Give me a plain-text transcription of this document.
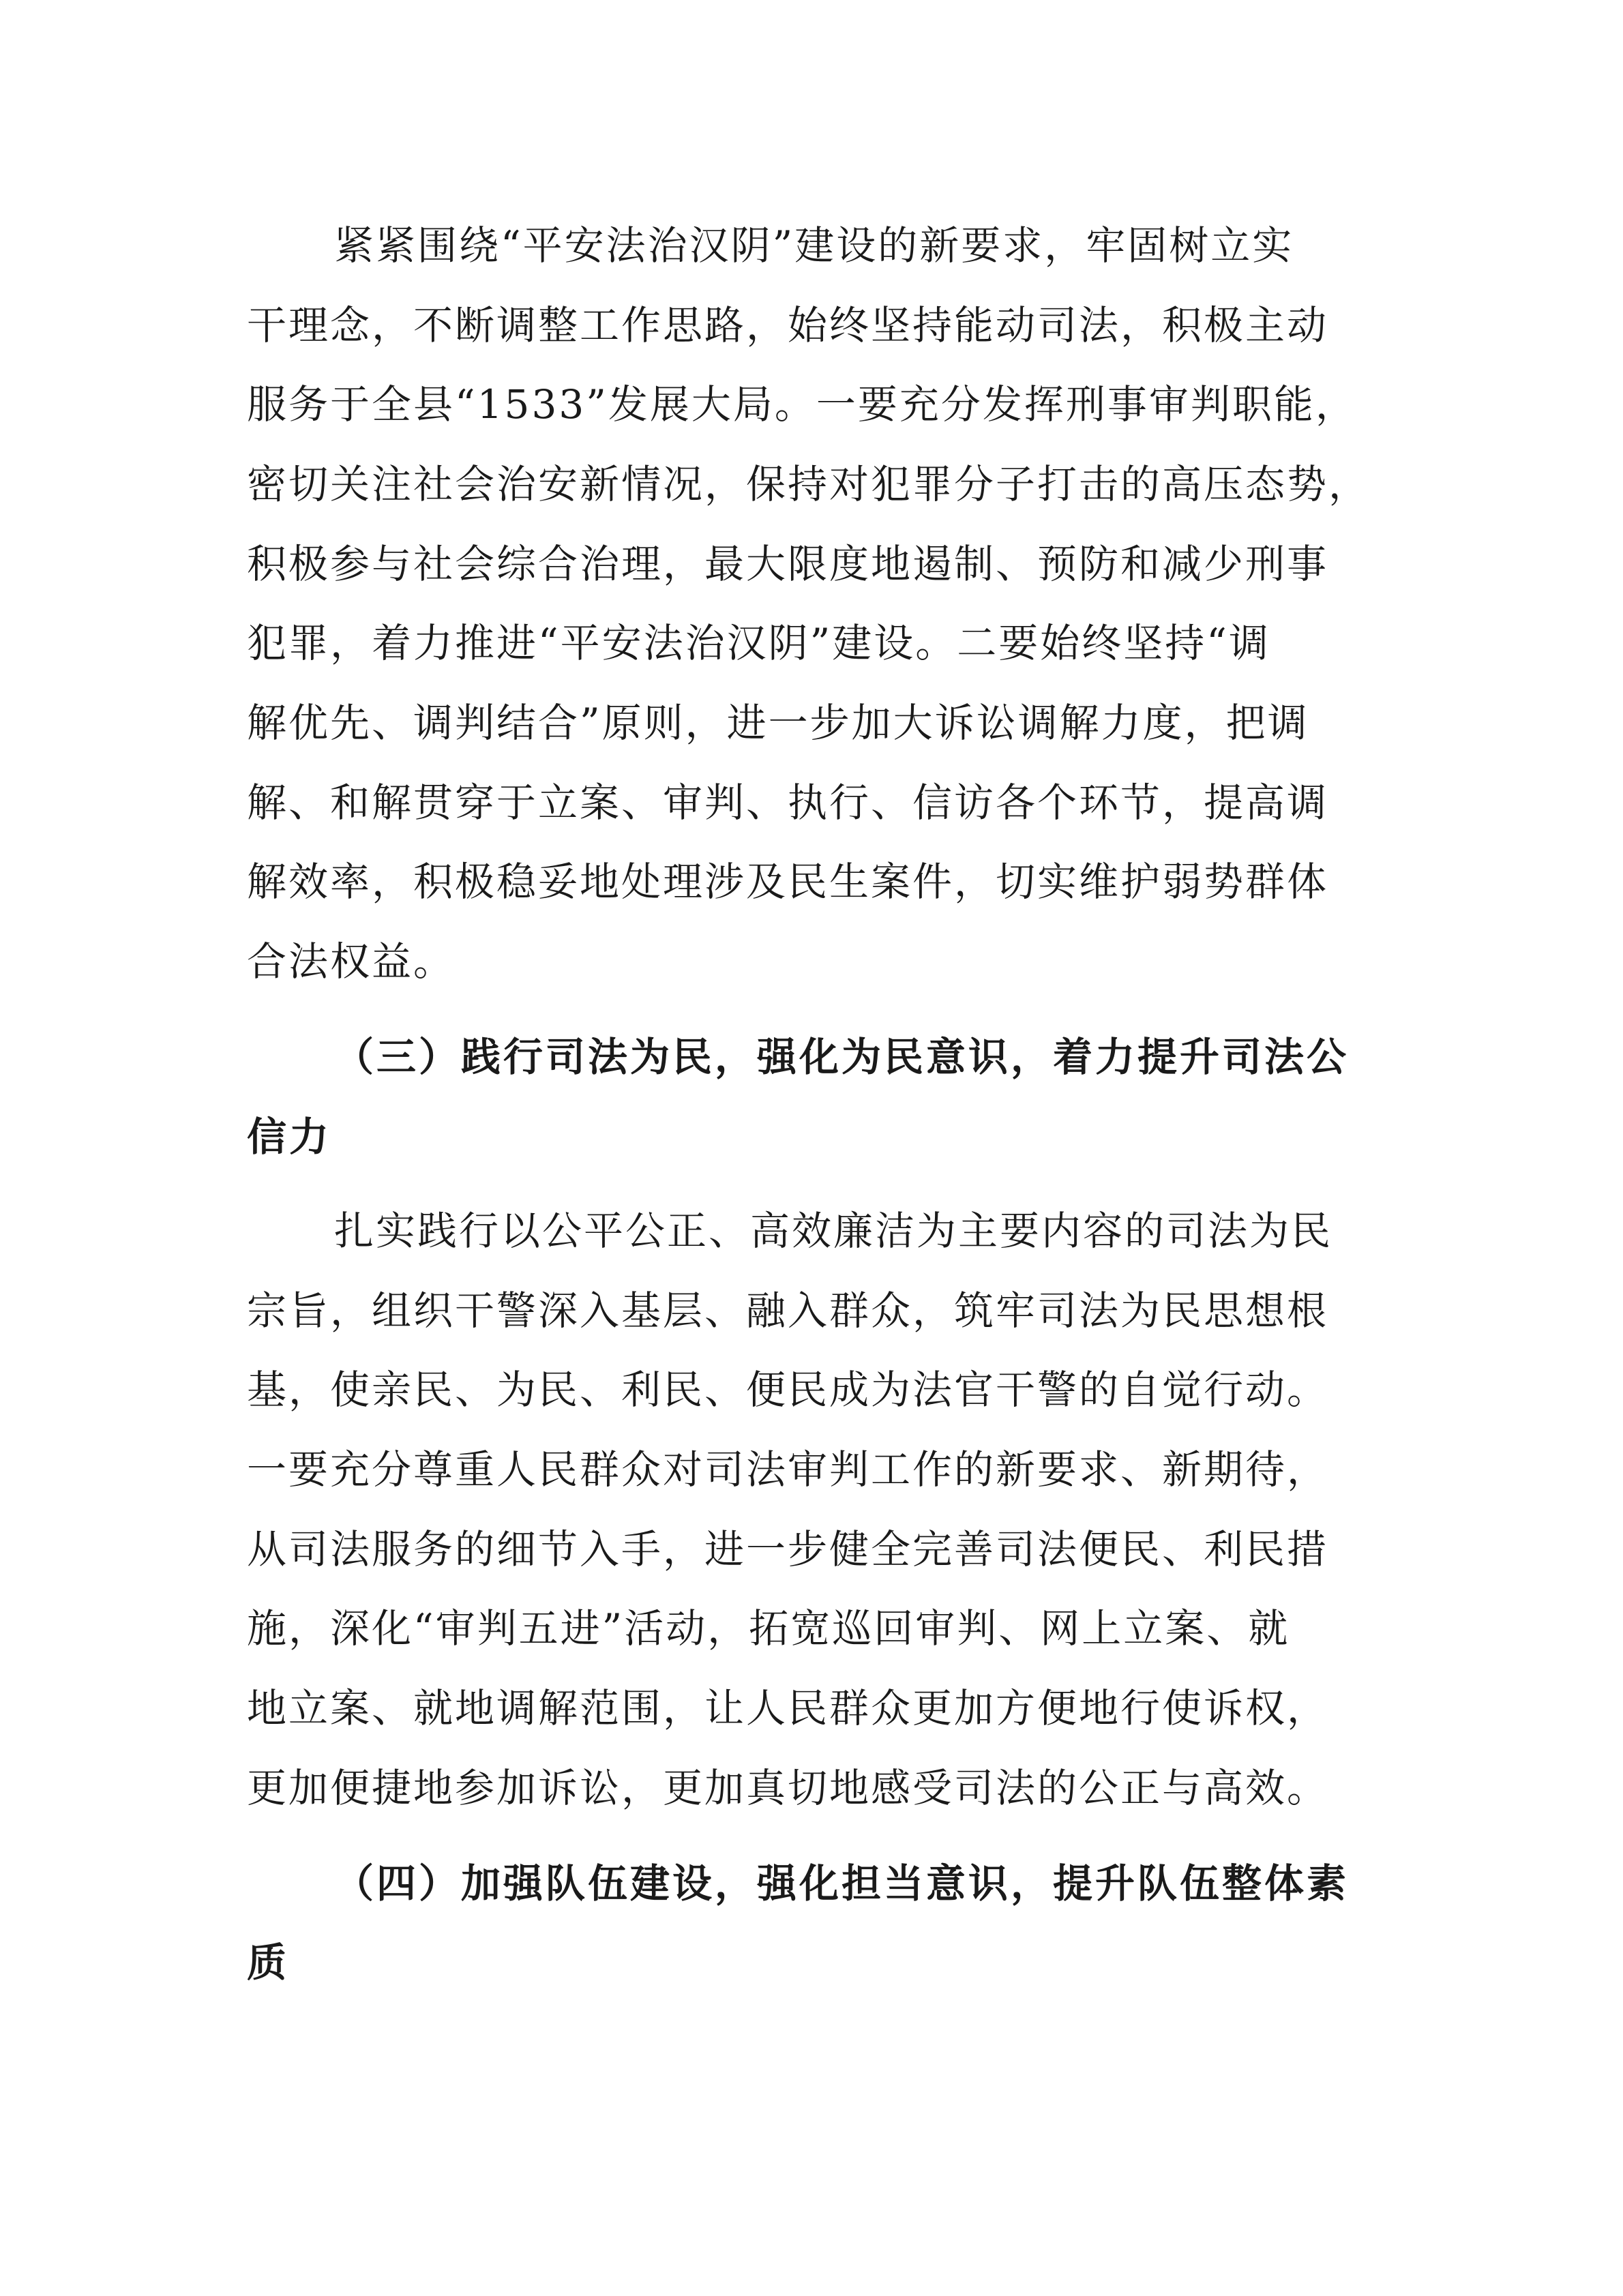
紧紧围绕“平安法治汉阴”建设的新要求，牢固树立实
干理念，不断调整工作思路，始终坚持能动司法，积极主动
服务于全县“1533”发展大局。一要充分发挥刑事审判职能，
密切关注社会治安新情况，保持对犯罪分子打击的高压态势，
积极参与社会综合治理，最大限度地遏制、预防和减少刑事
犯罪，着力推进“平安法治汉阴”建设。二要始终坚持“调
解优先、调判结合”原则，进一步加大诉讼调解力度，把调
解、和解贯穿于立案、审判、执行、信访各个环节，提高调
解效率，积极稳妥地处理涉及民生案件，切实维护弱势群体
合法权益。
（三）践行司法为民，强化为民意识，着力提升司法公
信力
扎实践行以公平公正、高效廉洁为主要内容的司法为民
宗旨，组织干警深入基层、融入群众，筑牢司法为民思想根
基，使亲民、为民、利民、便民成为法官干警的自觉行动。
一要充分尊重人民群众对司法审判工作的新要求、新期待，
从司法服务的细节入手，进一步健全完善司法便民、利民措
施，深化“审判五进”活动，拓宽巡回审判、网上立案、就
地立案、就地调解范围，让人民群众更加方便地行使诉权，
更加便捷地参加诉讼，更加真切地感受司法的公正与高效。
（四）加强队伍建设，强化担当意识，提升队伍整体素
质
